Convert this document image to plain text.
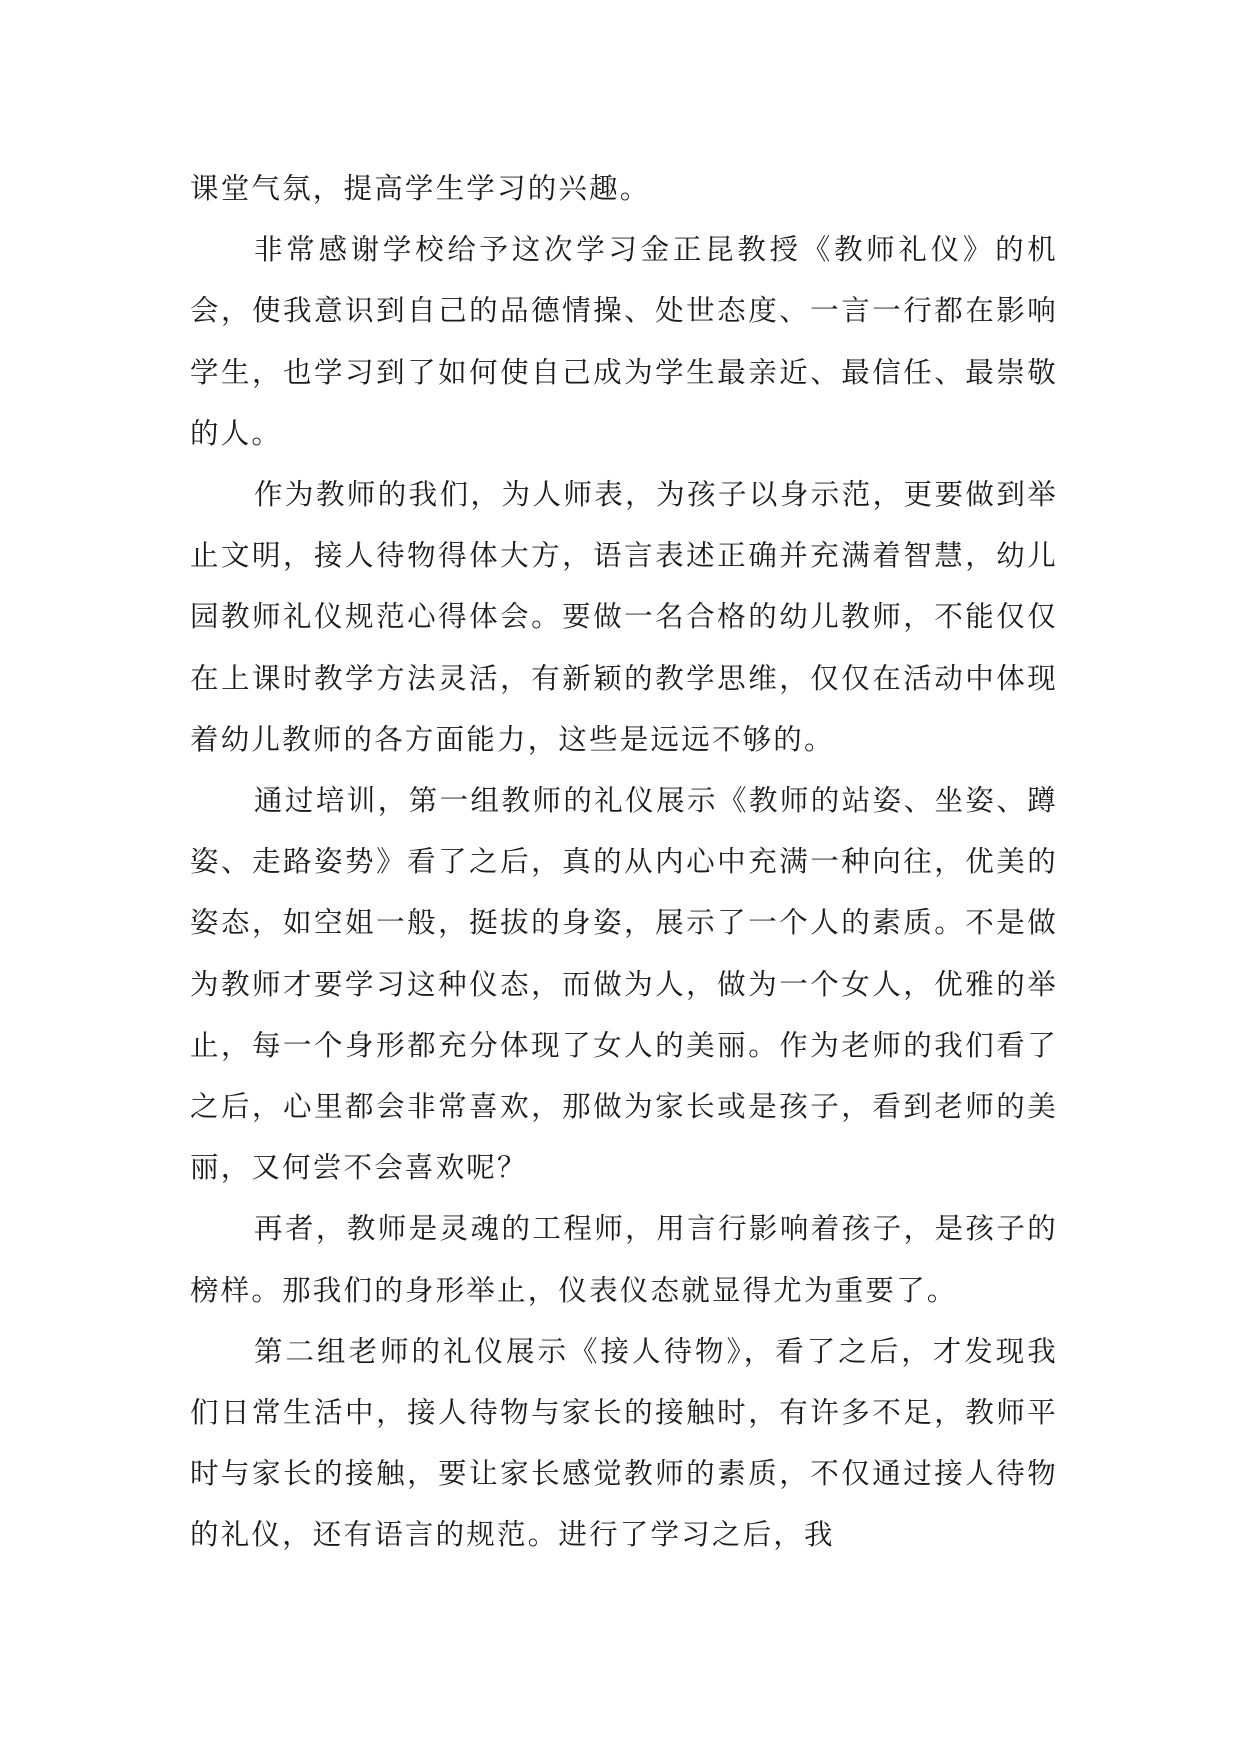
课堂气氛，提高学生学习的兴趣。

非常感谢学校给予这次学习金正昆教授《教师礼仪》的机会，使我意识到自己的品德情操、处世态度、一言一行都在影响学生，也学习到了如何使自己成为学生最亲近、最信任、最崇敬的人。

作为教师的我们，为人师表，为孩子以身示范，更要做到举止文明，接人待物得体大方，语言表述正确并充满着智慧，幼儿园教师礼仪规范心得体会。要做一名合格的幼儿教师，不能仅仅在上课时教学方法灵活，有新颖的教学思维，仅仅在活动中体现着幼儿教师的各方面能力，这些是远远不够的。

通过培训，第一组教师的礼仪展示《教师的站姿、坐姿、蹲姿、走路姿势》看了之后，真的从内心中充满一种向往，优美的姿态，如空姐一般，挺拔的身姿，展示了一个人的素质。不是做为教师才要学习这种仪态，而做为人，做为一个女人，优雅的举止，每一个身形都充分体现了女人的美丽。作为老师的我们看了之后，心里都会非常喜欢，那做为家长或是孩子，看到老师的美丽，又何尝不会喜欢呢？

再者，教师是灵魂的工程师，用言行影响着孩子，是孩子的榜样。那我们的身形举止，仪表仪态就显得尤为重要了。

第二组老师的礼仪展示《接人待物》，看了之后，才发现我们日常生活中，接人待物与家长的接触时，有许多不足，教师平时与家长的接触，要让家长感觉教师的素质，不仅通过接人待物的礼仪，还有语言的规范。进行了学习之后，我
